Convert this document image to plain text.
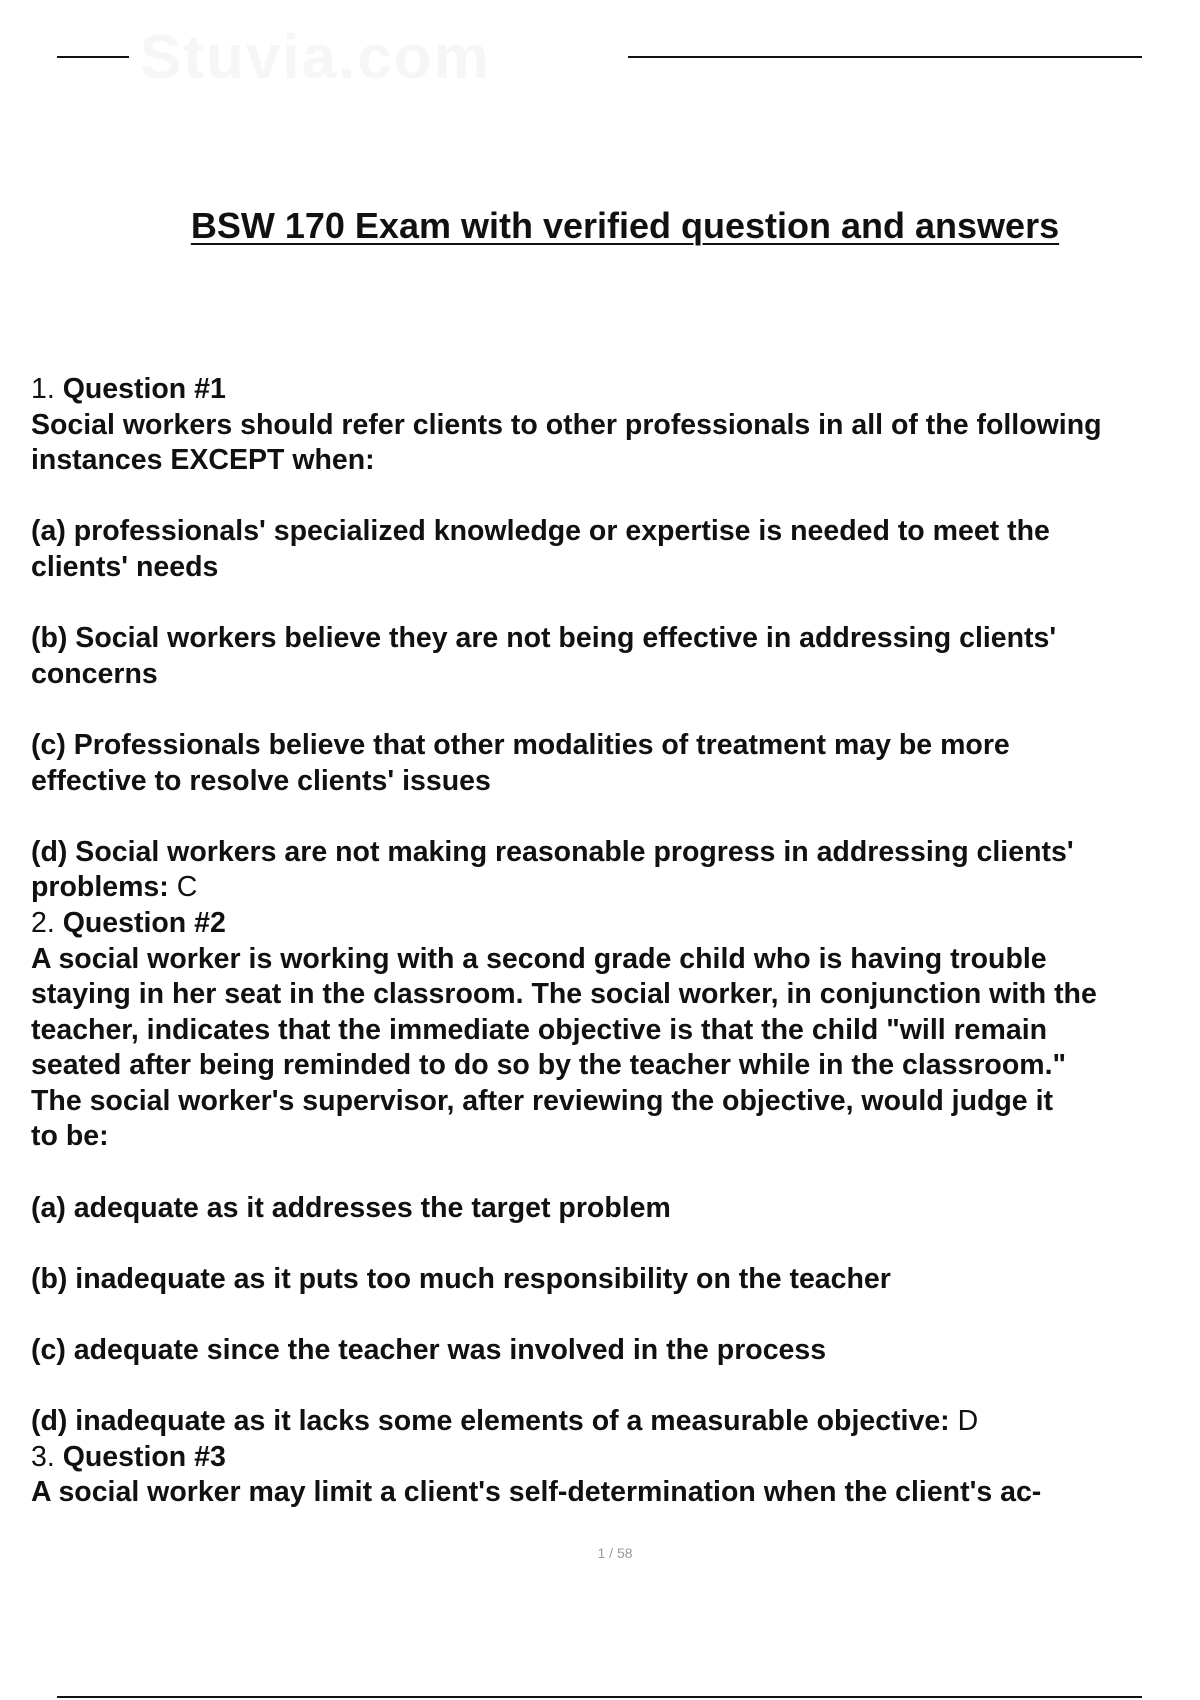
Stuvia.com
BSW 170 Exam with verified question and answers
1. Question #1
Social workers should refer clients to other professionals in all of the following
instances EXCEPT when:
(a) professionals' specialized knowledge or expertise is needed to meet the
clients' needs
(b) Social workers believe they are not being effective in addressing clients'
concerns
(c) Professionals believe that other modalities of treatment may be more
effective to resolve clients' issues
(d) Social workers are not making reasonable progress in addressing clients'
problems: C
2. Question #2
A social worker is working with a second grade child who is having trouble
staying in her seat in the classroom. The social worker, in conjunction with the
teacher, indicates that the immediate objective is that the child "will remain
seated after being reminded to do so by the teacher while in the classroom."
The social worker's supervisor, after reviewing the objective, would judge it
to be:
(a) adequate as it addresses the target problem
(b) inadequate as it puts too much responsibility on the teacher
(c) adequate since the teacher was involved in the process
(d) inadequate as it lacks some elements of a measurable objective: D
3. Question #3
A social worker may limit a client's self-determination when the client's ac-
1 / 58
